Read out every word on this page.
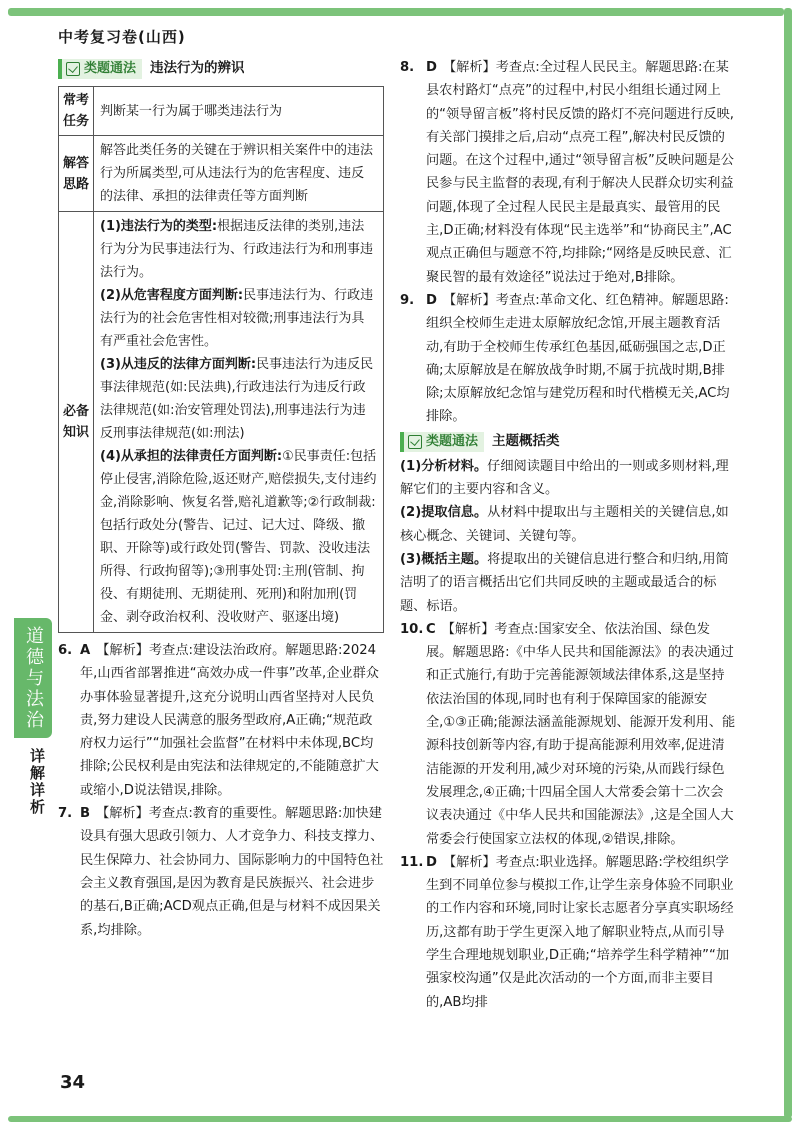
中考复习卷(山西)
道德与法治
详解详析
34
类题通法 违法行为的辨识
常考任务	判断某一行为属于哪类违法行为
解答思路	解答此类任务的关键在于辨识相关案件中的违法行为所属类型,可从违法行为的危害程度、违反的法律、承担的法律责任等方面判断
必备知识	(1)违法行为的类型:根据违反法律的类别,违法行为分为民事违法行为、行政违法行为和刑事违法行为。

(2)从危害程度方面判断:民事违法行为、行政违法行为的社会危害性相对较微;刑事违法行为具有严重社会危害性。

(3)从违反的法律方面判断:民事违法行为违反民事法律规范(如:民法典),行政违法行为违反行政法律规范(如:治安管理处罚法),刑事违法行为违反刑事法律规范(如:刑法)

(4)从承担的法律责任方面判断:①民事责任:包括停止侵害,消除危险,返还财产,赔偿损失,支付违约金,消除影响、恢复名誉,赔礼道歉等;②行政制裁:包括行政处分(警告、记过、记大过、降级、撤职、开除等)或行政处罚(警告、罚款、没收违法所得、行政拘留等);③刑事处罚:主刑(管制、拘役、有期徒刑、无期徒刑、死刑)和附加刑(罚金、剥夺政治权利、没收财产、驱逐出境)

6. A 【解析】考查点:建设法治政府。解题思路:2024年,山西省部署推进“高效办成一件事”改革,企业群众办事体验显著提升,这充分说明山西省坚持对人民负责,努力建设人民满意的服务型政府,A正确;“规范政府权力运行”“加强社会监督”在材料中未体现,BC均排除;公民权利是由宪法和法律规定的,不能随意扩大或缩小,D说法错误,排除。

7. B 【解析】考查点:教育的重要性。解题思路:加快建设具有强大思政引领力、人才竞争力、科技支撑力、民生保障力、社会协同力、国际影响力的中国特色社会主义教育强国,是因为教育是民族振兴、社会进步的基石,B正确;ACD观点正确,但是与材料不成因果关系,均排除。

8. D 【解析】考查点:全过程人民民主。解题思路:在某县农村路灯“点亮”的过程中,村民小组组长通过网上的“领导留言板”将村民反馈的路灯不亮问题进行反映,有关部门摸排之后,启动“点亮工程”,解决村民反馈的问题。在这个过程中,通过“领导留言板”反映问题是公民参与民主监督的表现,有利于解决人民群众切实利益问题,体现了全过程人民民主是最真实、最管用的民主,D正确;材料没有体现“民主选举”和“协商民主”,AC观点正确但与题意不符,均排除;“网络是反映民意、汇聚民智的最有效途径”说法过于绝对,B排除。

9. D 【解析】考查点:革命文化、红色精神。解题思路:组织全校师生走进太原解放纪念馆,开展主题教育活动,有助于全校师生传承红色基因,砥砺强国之志,D正确;太原解放是在解放战争时期,不属于抗战时期,B排除;太原解放纪念馆与建党历程和时代楷模无关,AC均排除。

类题通法 主题概括类

(1)分析材料。仔细阅读题目中给出的一则或多则材料,理解它们的主要内容和含义。

(2)提取信息。从材料中提取出与主题相关的关键信息,如核心概念、关键词、关键句等。

(3)概括主题。将提取出的关键信息进行整合和归纳,用简洁明了的语言概括出它们共同反映的主题或最适合的标题、标语。

10. C 【解析】考查点:国家安全、依法治国、绿色发展。解题思路:《中华人民共和国能源法》的表决通过和正式施行,有助于完善能源领域法律体系,这是坚持依法治国的体现,同时也有利于保障国家的能源安全,①③正确;能源法涵盖能源规划、能源开发利用、能源科技创新等内容,有助于提高能源利用效率,促进清洁能源的开发利用,减少对环境的污染,从而践行绿色发展理念,④正确;十四届全国人大常委会第十二次会议表决通过《中华人民共和国能源法》,这是全国人大常委会行使国家立法权的体现,②错误,排除。

11. D 【解析】考查点:职业选择。解题思路:学校组织学生到不同单位参与模拟工作,让学生亲身体验不同职业的工作内容和环境,同时让家长志愿者分享真实职场经历,这都有助于学生更深入地了解职业特点,从而引导学生合理地规划职业,D正确;“培养学生科学精神”“加强家校沟通”仅是此次活动的一个方面,而非主要目的,AB均排
